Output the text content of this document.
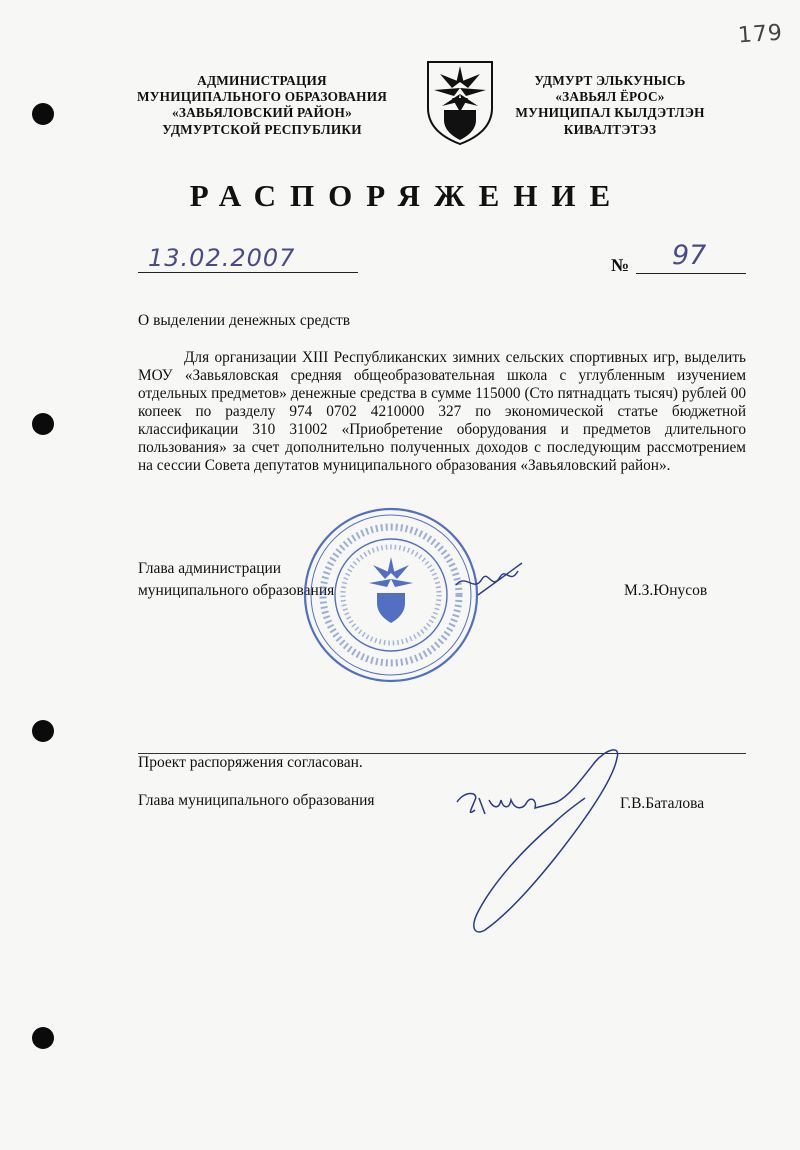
179
АДМИНИСТРАЦИЯ
МУНИЦИПАЛЬНОГО ОБРАЗОВАНИЯ
«ЗАВЬЯЛОВСКИЙ РАЙОН»
УДМУРТСКОЙ РЕСПУБЛИКИ
УДМУРТ ЭЛЬКУНЫСЬ
«ЗАВЬЯЛ ЁРОС»
МУНИЦИПАЛ КЫЛДЭТЛЭН
КИВАЛТЭТЭЗ
РАСПОРЯЖЕНИЕ
13.02.2007	№ 97
О выделении денежных средств
Для организации XIII Республиканских зимних сельских спортивных игр, выделить МОУ «Завьяловская средняя общеобразовательная школа с углубленным изучением отдельных предметов» денежные средства в сумме 115000 (Сто пятнадцать тысяч) рублей 00 копеек по разделу 974 0702 4210000 327 по экономической статье бюджетной классификации 310 31002 «Приобретение оборудования и предметов длительного пользования» за счет дополнительно полученных доходов с последующим рассмотрением на сессии Совета депутатов муниципального образования «Завьяловский район».
Глава администрации
муниципального образования	М.З.Юнусов
Проект распоряжения согласован.
Глава муниципального образования	Г.В.Баталова
